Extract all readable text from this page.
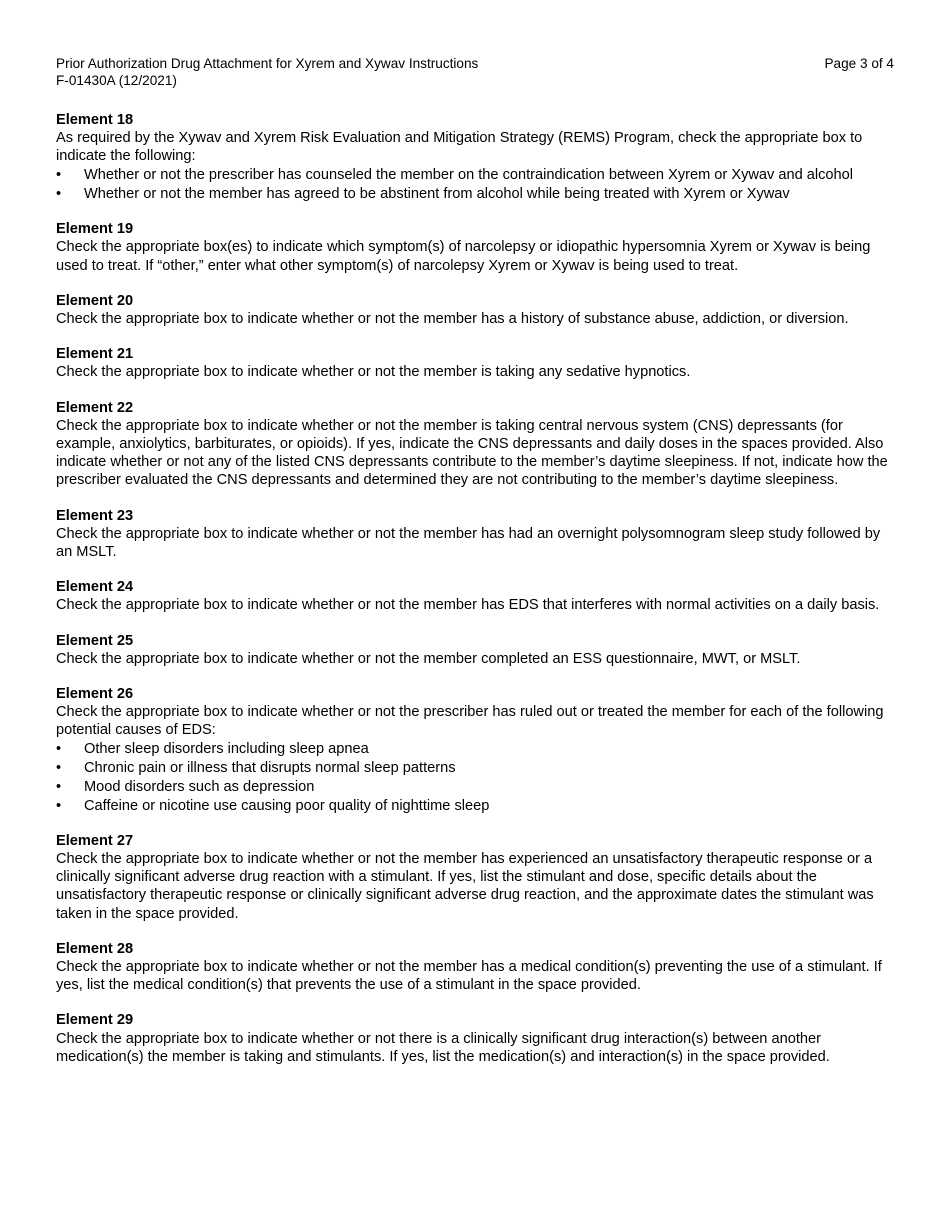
Prior Authorization Drug Attachment for Xyrem and Xywav Instructions
F-01430A (12/2021)
Page 3 of 4
Element 18

As required by the Xywav and Xyrem Risk Evaluation and Mitigation Strategy (REMS) Program, check the appropriate box to indicate the following:

• Whether or not the prescriber has counseled the member on the contraindication between Xyrem or Xywav and alcohol
• Whether or not the member has agreed to be abstinent from alcohol while being treated with Xyrem or Xywav
Element 19

Check the appropriate box(es) to indicate which symptom(s) of narcolepsy or idiopathic hypersomnia Xyrem or Xywav is being used to treat. If “other,” enter what other symptom(s) of narcolepsy Xyrem or Xywav is being used to treat.

Element 20

Check the appropriate box to indicate whether or not the member has a history of substance abuse, addiction, or diversion.

Element 21

Check the appropriate box to indicate whether or not the member is taking any sedative hypnotics.

Element 22

Check the appropriate box to indicate whether or not the member is taking central nervous system (CNS) depressants (for example, anxiolytics, barbiturates, or opioids). If yes, indicate the CNS depressants and daily doses in the spaces provided. Also indicate whether or not any of the listed CNS depressants contribute to the member’s daytime sleepiness. If not, indicate how the prescriber evaluated the CNS depressants and determined they are not contributing to the member’s daytime sleepiness.

Element 23

Check the appropriate box to indicate whether or not the member has had an overnight polysomnogram sleep study followed by an MSLT.

Element 24

Check the appropriate box to indicate whether or not the member has EDS that interferes with normal activities on a daily basis.

Element 25

Check the appropriate box to indicate whether or not the member completed an ESS questionnaire, MWT, or MSLT.

Element 26

Check the appropriate box to indicate whether or not the prescriber has ruled out or treated the member for each of the following potential causes of EDS:

• Other sleep disorders including sleep apnea
• Chronic pain or illness that disrupts normal sleep patterns
• Mood disorders such as depression
• Caffeine or nicotine use causing poor quality of nighttime sleep
Element 27

Check the appropriate box to indicate whether or not the member has experienced an unsatisfactory therapeutic response or a clinically significant adverse drug reaction with a stimulant. If yes, list the stimulant and dose, specific details about the unsatisfactory therapeutic response or clinically significant adverse drug reaction, and the approximate dates the stimulant was taken in the space provided.

Element 28

Check the appropriate box to indicate whether or not the member has a medical condition(s) preventing the use of a stimulant. If yes, list the medical condition(s) that prevents the use of a stimulant in the space provided.

Element 29

Check the appropriate box to indicate whether or not there is a clinically significant drug interaction(s) between another medication(s) the member is taking and stimulants. If yes, list the medication(s) and interaction(s) in the space provided.
